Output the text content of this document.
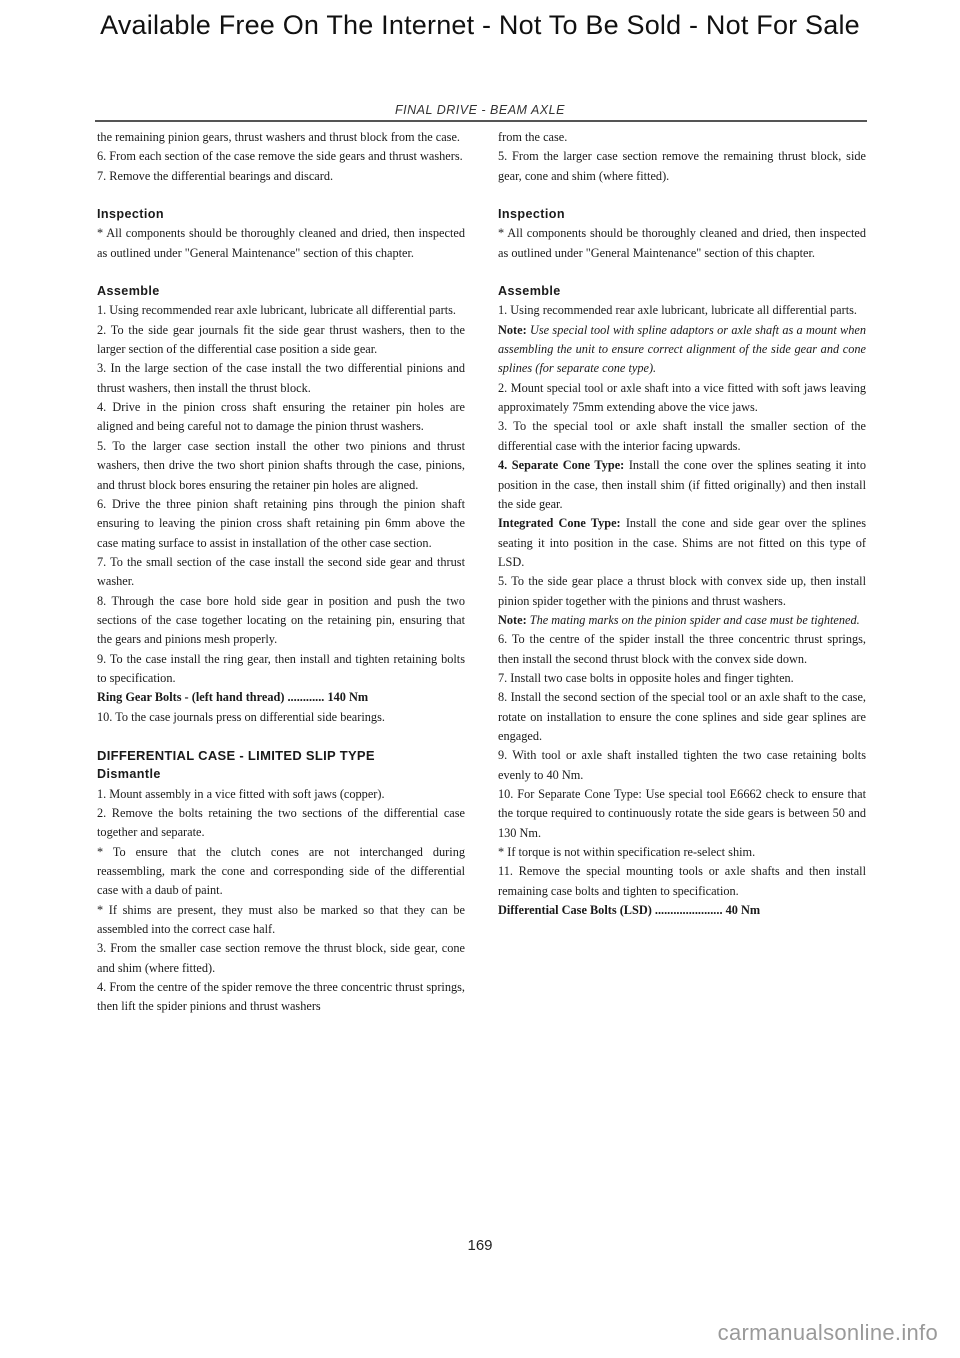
Available Free On The Internet - Not To Be Sold - Not For Sale
FINAL DRIVE - BEAM AXLE

the remaining pinion gears, thrust washers and thrust block from the case.

6. From each section of the case remove the side gears and thrust washers.

7. Remove the differential bearings and discard.

Inspection

* All components should be thoroughly cleaned and dried, then inspected as outlined under "General Maintenance" section of this chapter.

Assemble

1. Using recommended rear axle lubricant, lubricate all differential parts.

2. To the side gear journals fit the side gear thrust washers, then to the larger section of the differential case position a side gear.

3. In the large section of the case install the two differential pinions and thrust washers, then install the thrust block.

4. Drive in the pinion cross shaft ensuring the retainer pin holes are aligned and being careful not to damage the pinion thrust washers.

5. To the larger case section install the other two pinions and thrust washers, then drive the two short pinion shafts through the case, pinions, and thrust block bores ensuring the retainer pin holes are aligned.

6. Drive the three pinion shaft retaining pins through the pinion shaft ensuring to leaving the pinion cross shaft retaining pin 6mm above the case mating surface to assist in installation of the other case section.

7. To the small section of the case install the second side gear and thrust washer.

8. Through the case bore hold side gear in position and push the two sections of the case together locating on the retaining pin, ensuring that the gears and pinions mesh properly.

9. To the case install the ring gear, then install and tighten retaining bolts to specification.

Ring Gear Bolts - (left hand thread) ............ 140 Nm

10. To the case journals press on differential side bearings.

DIFFERENTIAL CASE - LIMITED SLIP TYPE

Dismantle

1. Mount assembly in a vice fitted with soft jaws (copper).

2. Remove the bolts retaining the two sections of the differential case together and separate.

* To ensure that the clutch cones are not interchanged during reassembling, mark the cone and corresponding side of the differential case with a daub of paint.

* If shims are present, they must also be marked so that they can be assembled into the correct case half.

3. From the smaller case section remove the thrust block, side gear, cone and shim (where fitted).

4. From the centre of the spider remove the three concentric thrust springs, then lift the spider pinions and thrust washers

from the case.

5. From the larger case section remove the remaining thrust block, side gear, cone and shim (where fitted).

Inspection

* All components should be thoroughly cleaned and dried, then inspected as outlined under "General Maintenance" section of this chapter.

Assemble

1. Using recommended rear axle lubricant, lubricate all differential parts.

Note: Use special tool with spline adaptors or axle shaft as a mount when assembling the unit to ensure correct alignment of the side gear and cone splines (for separate cone type).

2. Mount special tool or axle shaft into a vice fitted with soft jaws leaving approximately 75mm extending above the vice jaws.

3. To the special tool or axle shaft install the smaller section of the differential case with the interior facing upwards.

4. Separate Cone Type: Install the cone over the splines seating it into position in the case, then install shim (if fitted originally) and then install the side gear.

Integrated Cone Type: Install the cone and side gear over the splines seating it into position in the case. Shims are not fitted on this type of LSD.

5. To the side gear place a thrust block with convex side up, then install pinion spider together with the pinions and thrust washers.

Note: The mating marks on the pinion spider and case must be tightened.

6. To the centre of the spider install the three concentric thrust springs, then install the second thrust block with the convex side down.

7. Install two case bolts in opposite holes and finger tighten.

8. Install the second section of the special tool or an axle shaft to the case, rotate on installation to ensure the cone splines and side gear splines are engaged.

9. With tool or axle shaft installed tighten the two case retaining bolts evenly to 40 Nm.

10. For Separate Cone Type: Use special tool E6662 check to ensure that the torque required to continuously rotate the side gears is between 50 and 130 Nm.

* If torque is not within specification re-select shim.

11. Remove the special mounting tools or axle shafts and then install remaining case bolts and tighten to specification.

Differential Case Bolts (LSD) ...................... 40 Nm

169
carmanualsonline.info
